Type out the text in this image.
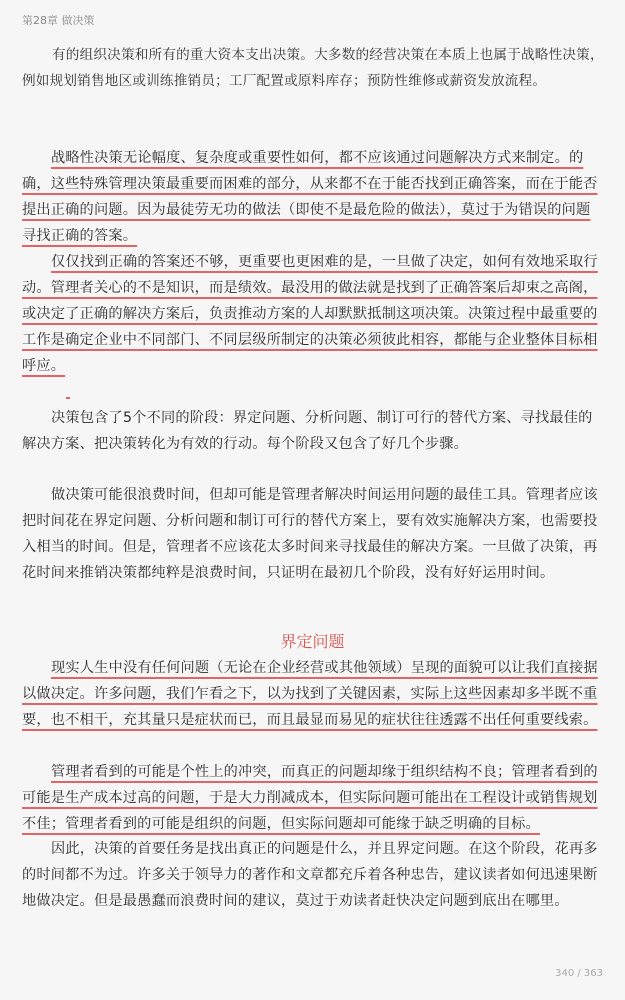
第28章 做决策

有的组织决策和所有的重大资本支出决策。大多数的经营决策在本质上也属于战略性决策，例如规划销售地区或训练推销员；工厂配置或原料库存；预防性维修或薪资发放流程。

战略性决策无论幅度、复杂度或重要性如何，都不应该通过问题解决方式来制定。的确，这些特殊管理决策最重要而困难的部分，从来都不在于能否找到正确答案，而在于能否提出正确的问题。因为最徒劳无功的做法（即使不是最危险的做法），莫过于为错误的问题寻找正确的答案。

仅仅找到正确的答案还不够，更重要也更困难的是，一旦做了决定，如何有效地采取行动。管理者关心的不是知识，而是绩效。最没用的做法就是找到了正确答案后却束之高阁，或决定了正确的解决方案后，负责推动方案的人却默默抵制这项决策。决策过程中最重要的工作是确定企业中不同部门、不同层级所制定的决策必须彼此相容，都能与企业整体目标相呼应。

决策包含了5个不同的阶段：界定问题、分析问题、制订可行的替代方案、寻找最佳的解决方案、把决策转化为有效的行动。每个阶段又包含了好几个步骤。

做决策可能很浪费时间，但却可能是管理者解决时间运用问题的最佳工具。管理者应该把时间花在界定问题、分析问题和制订可行的替代方案上，要有效实施解决方案，也需要投入相当的时间。但是，管理者不应该花太多时间来寻找最佳的解决方案。一旦做了决策，再花时间来推销决策都纯粹是浪费时间，只证明在最初几个阶段，没有好好运用时间。

界定问题

现实人生中没有任何问题（无论在企业经营或其他领域）呈现的面貌可以让我们直接据以做决定。许多问题，我们乍看之下，以为找到了关键因素，实际上这些因素却多半既不重要，也不相干，充其量只是症状而已，而且最显而易见的症状往往透露不出任何重要线索。

管理者看到的可能是个性上的冲突，而真正的问题却缘于组织结构不良；管理者看到的可能是生产成本过高的问题，于是大力削减成本，但实际问题可能出在工程设计或销售规划不佳；管理者看到的可能是组织的问题，但实际问题却可能缘于缺乏明确的目标。

因此，决策的首要任务是找出真正的问题是什么，并且界定问题。在这个阶段，花再多的时间都不为过。许多关于领导力的著作和文章都充斥着各种忠告，建议读者如何迅速果断地做决定。但是最愚蠢而浪费时间的建议，莫过于劝读者赶快决定问题到底出在哪里。

340 / 363
